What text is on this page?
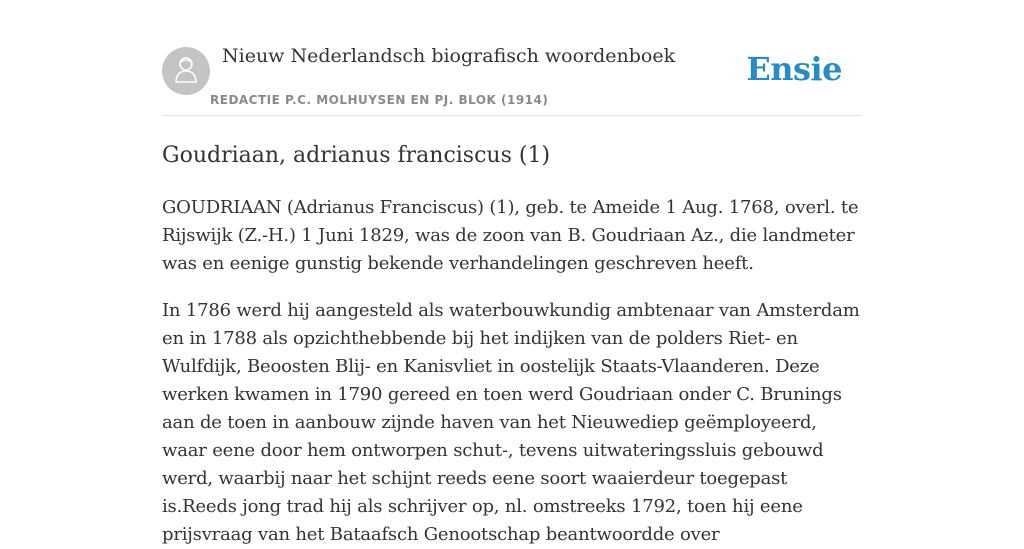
Nieuw Nederlandsch biografisch woordenboek
REDACTIE P.C. MOLHUYSEN EN PJ. BLOK (1914)
Ensie
Goudriaan, adrianus franciscus (1)

GOUDRIAAN (Adrianus Franciscus) (1), geb. te Ameide 1 Aug. 1768, overl. te Rijswijk (Z.-H.) 1 Juni 1829, was de zoon van B. Goudriaan Az., die landmeter was en eenige gunstig bekende verhandelingen geschreven heeft.

In 1786 werd hij aangesteld als waterbouwkundig ambtenaar van Amsterdam en in 1788 als opzichthebbende bij het indijken van de polders Riet- en Wulfdijk, Beoosten Blij- en Kanisvliet in oostelijk Staats-Vlaanderen. Deze werken kwamen in 1790 gereed en toen werd Goudriaan onder C. Brunings aan de toen in aanbouw zijnde haven van het Nieuwediep geëmployeerd, waar eene door hem ontworpen schut-, tevens uitwateringssluis gebouwd werd, waarbij naar het schijnt reeds eene soort waaierdeur toegepast is.Reeds jong trad hij als schrijver op, nl. omstreeks 1792, toen hij eene prijsvraag van het Bataafsch Genootschap beantwoordde over
